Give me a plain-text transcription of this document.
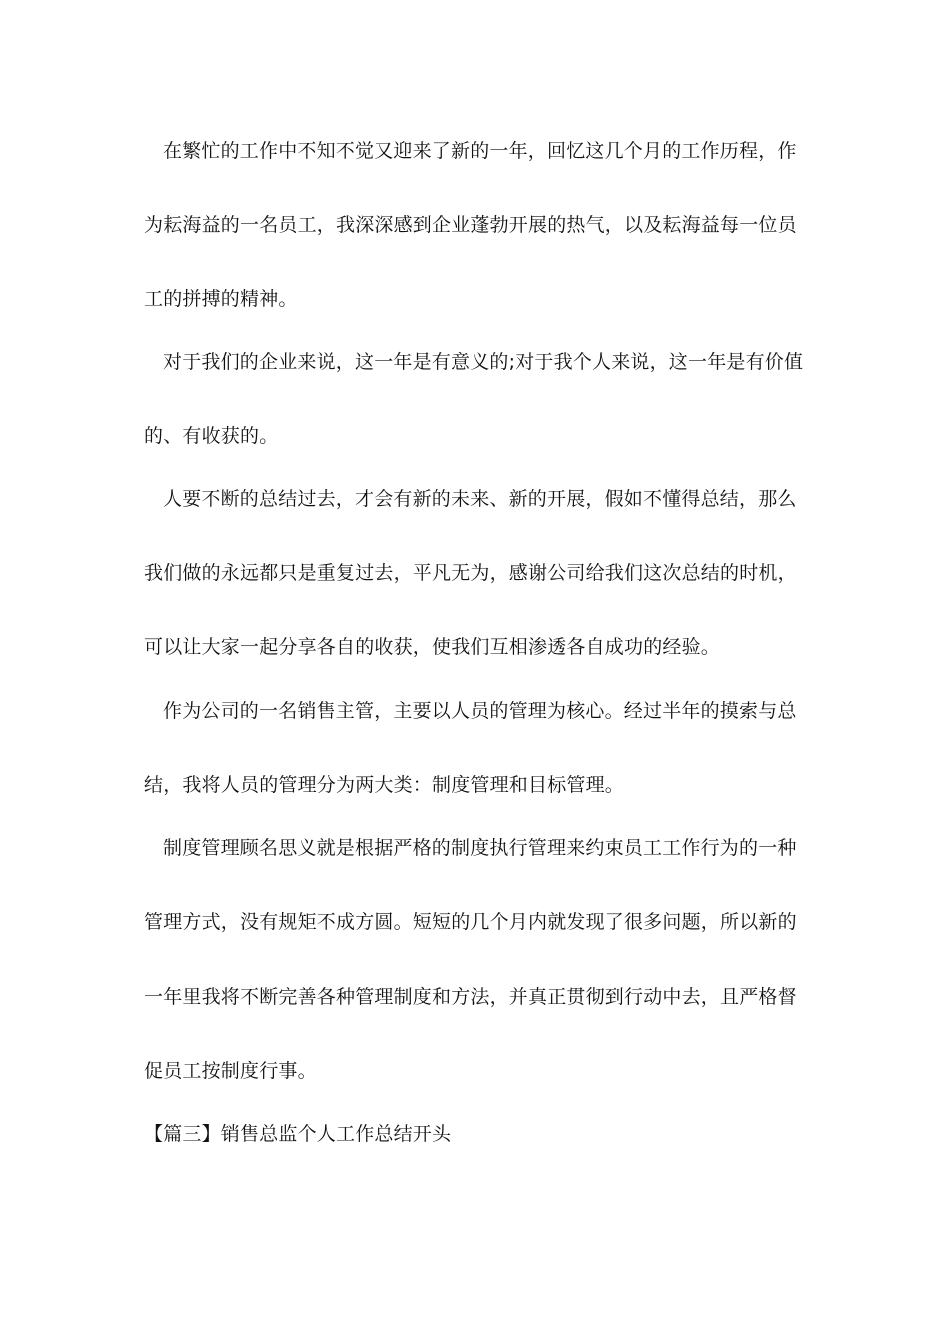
在繁忙的工作中不知不觉又迎来了新的一年，回忆这几个月的工作历程，作
为耘海益的一名员工，我深深感到企业蓬勃开展的热气，以及耘海益每一位员
工的拼搏的精神。
对于我们的企业来说，这一年是有意义的;对于我个人来说，这一年是有价值
的、有收获的。
人要不断的总结过去，才会有新的未来、新的开展，假如不懂得总结，那么
我们做的永远都只是重复过去，平凡无为，感谢公司给我们这次总结的时机，
可以让大家一起分享各自的收获，使我们互相渗透各自成功的经验。
作为公司的一名销售主管，主要以人员的管理为核心。经过半年的摸索与总
结，我将人员的管理分为两大类：制度管理和目标管理。
制度管理顾名思义就是根据严格的制度执行管理来约束员工工作行为的一种
管理方式，没有规矩不成方圆。短短的几个月内就发现了很多问题，所以新的
一年里我将不断完善各种管理制度和方法，并真正贯彻到行动中去，且严格督
促员工按制度行事。
【篇三】销售总监个人工作总结开头
